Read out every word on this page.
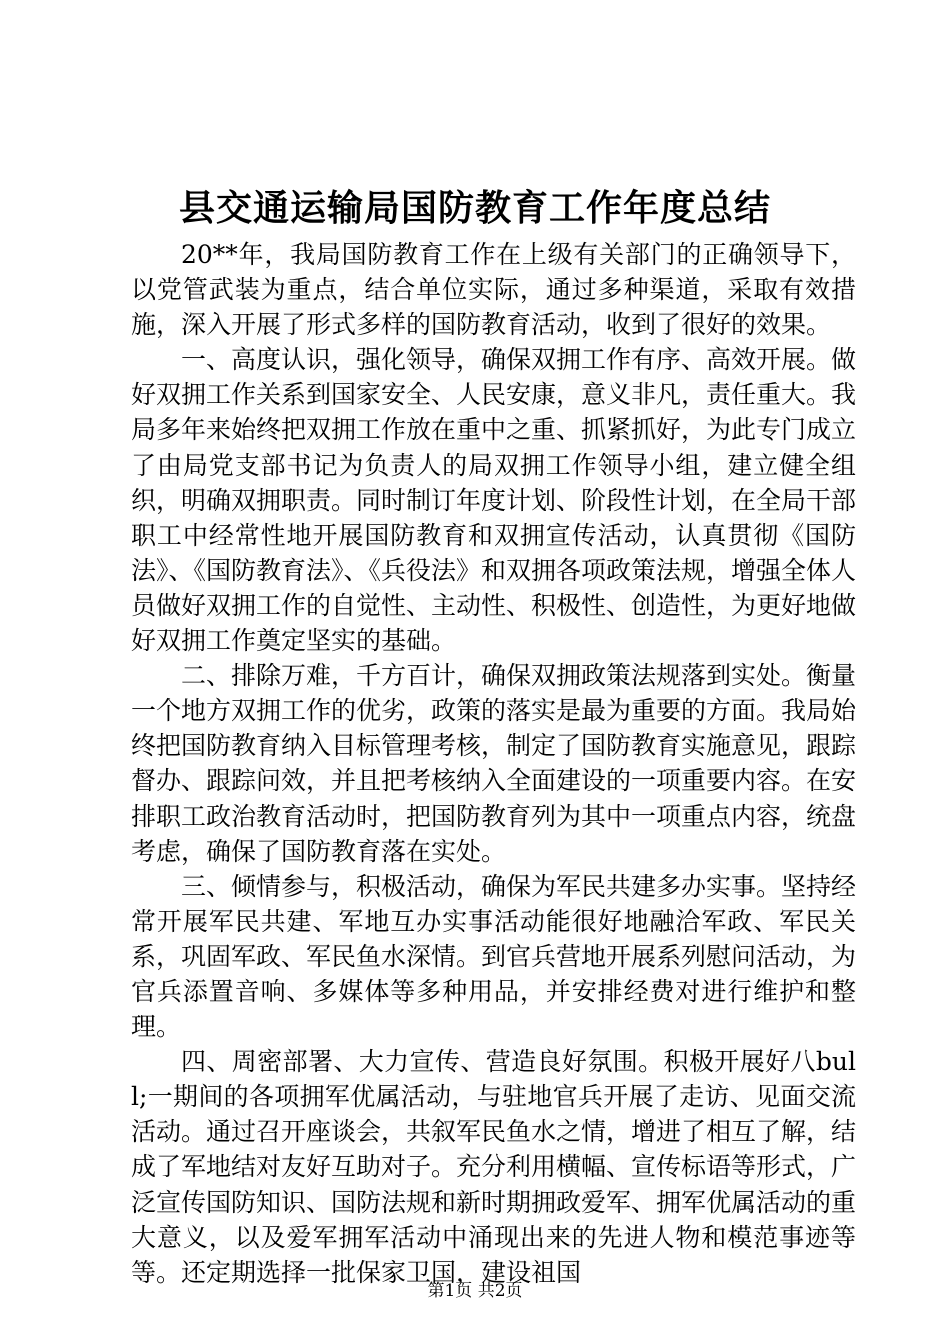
县交通运输局国防教育工作年度总结

20**年，我局国防教育工作在上级有关部门的正确领导下，以党管武装为重点，结合单位实际，通过多种渠道，采取有效措施，深入开展了形式多样的国防教育活动，收到了很好的效果。

一、高度认识，强化领导，确保双拥工作有序、高效开展。做好双拥工作关系到国家安全、人民安康，意义非凡，责任重大。我局多年来始终把双拥工作放在重中之重、抓紧抓好，为此专门成立了由局党支部书记为负责人的局双拥工作领导小组，建立健全组织，明确双拥职责。同时制订年度计划、阶段性计划，在全局干部职工中经常性地开展国防教育和双拥宣传活动，认真贯彻《国防法》、《国防教育法》、《兵役法》和双拥各项政策法规，增强全体人员做好双拥工作的自觉性、主动性、积极性、创造性，为更好地做好双拥工作奠定坚实的基础。

二、排除万难，千方百计，确保双拥政策法规落到实处。衡量一个地方双拥工作的优劣，政策的落实是最为重要的方面。我局始终把国防教育纳入目标管理考核，制定了国防教育实施意见，跟踪督办、跟踪问效，并且把考核纳入全面建设的一项重要内容。在安排职工政治教育活动时，把国防教育列为其中一项重点内容，统盘考虑，确保了国防教育落在实处。

三、倾情参与，积极活动，确保为军民共建多办实事。坚持经常开展军民共建、军地互办实事活动能很好地融洽军政、军民关系，巩固军政、军民鱼水深情。到官兵营地开展系列慰问活动，为官兵添置音响、多媒体等多种用品，并安排经费对进行维护和整理。

四、周密部署、大力宣传、营造良好氛围。积极开展好八bull;一期间的各项拥军优属活动，与驻地官兵开展了走访、见面交流活动。通过召开座谈会，共叙军民鱼水之情，增进了相互了解，结成了军地结对友好互助对子。充分利用横幅、宣传标语等形式，广泛宣传国防知识、国防法规和新时期拥政爱军、拥军优属活动的重大意义，以及爱军拥军活动中涌现出来的先进人物和模范事迹等等。还定期选择一批保家卫国，建设祖国

第1页 共2页
